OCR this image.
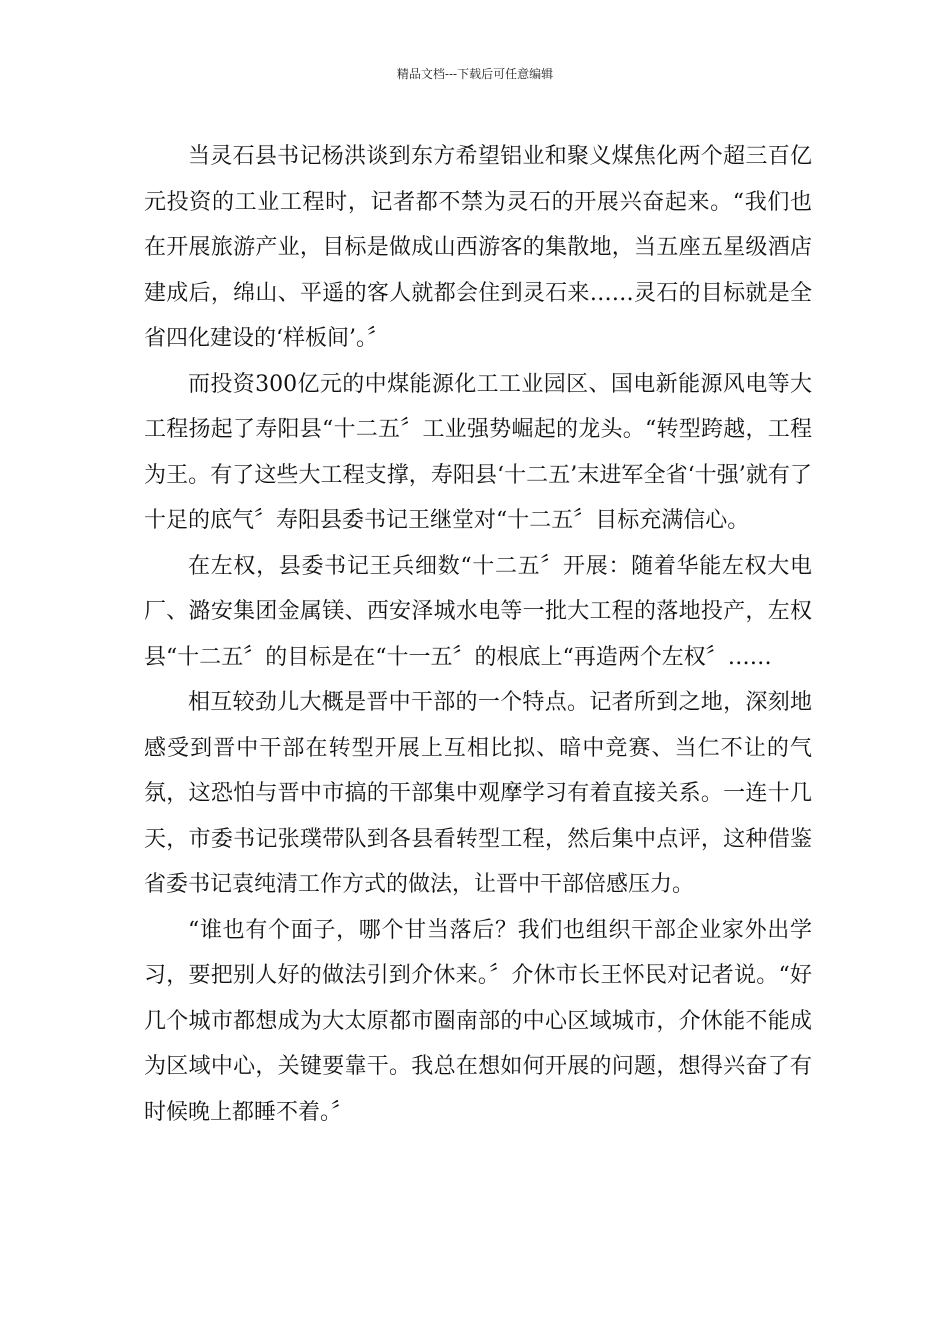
精品文档---下载后可任意编辑

当灵石县书记杨洪谈到东方希望铝业和聚义煤焦化两个超三百亿元投资的工业工程时，记者都不禁为灵石的开展兴奋起来。“我们也在开展旅游产业，目标是做成山西游客的集散地，当五座五星级酒店建成后，绵山、平遥的客人就都会住到灵石来……灵石的目标就是全省四化建设的‘样板间’。〞

而投资300亿元的中煤能源化工工业园区、国电新能源风电等大工程扬起了寿阳县“十二五〞工业强势崛起的龙头。“转型跨越，工程为王。有了这些大工程支撑，寿阳县‘十二五’末进军全省‘十强’就有了十足的底气〞寿阳县委书记王继堂对“十二五〞目标充满信心。

在左权，县委书记王兵细数“十二五〞开展：随着华能左权大电厂、潞安集团金属镁、西安泽城水电等一批大工程的落地投产，左权县“十二五〞的目标是在“十一五〞的根底上“再造两个左权〞……

相互较劲儿大概是晋中干部的一个特点。记者所到之地，深刻地感受到晋中干部在转型开展上互相比拟、暗中竞赛、当仁不让的气氛，这恐怕与晋中市搞的干部集中观摩学习有着直接关系。一连十几天，市委书记张璞带队到各县看转型工程，然后集中点评，这种借鉴省委书记袁纯清工作方式的做法，让晋中干部倍感压力。

“谁也有个面子，哪个甘当落后？我们也组织干部企业家外出学习，要把别人好的做法引到介休来。〞介休市长王怀民对记者说。“好几个城市都想成为大太原都市圈南部的中心区域城市，介休能不能成为区域中心，关键要靠干。我总在想如何开展的问题，想得兴奋了有时候晚上都睡不着。〞
